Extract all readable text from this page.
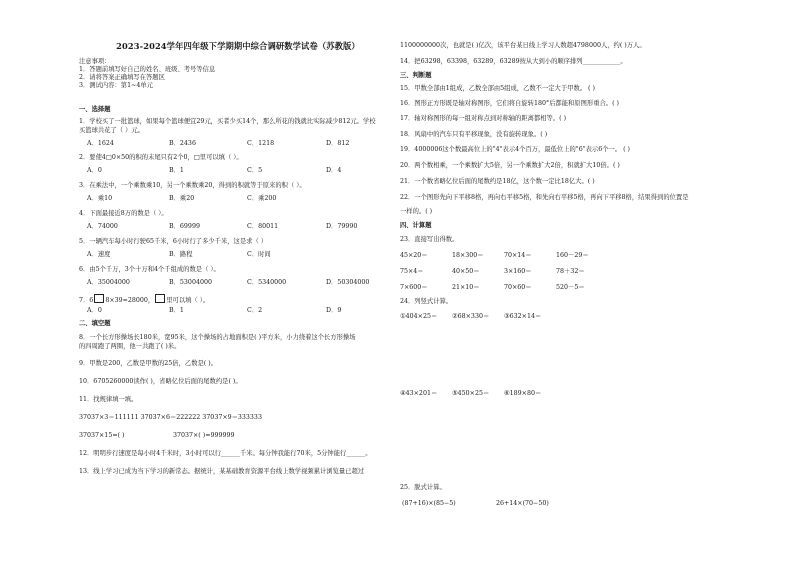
2023-2024学年四年级下学期期中综合调研数学试卷（苏教版）
注意事项：
1．答题前填写好自己的姓名、班级、考号等信息
2．请将答案正确填写在答题区
3．测试内容：第1~4单元
一、选择题
1．学校买了一批篮球，如果每个篮球便宜29元，买者少买14个，那么所花的钱就比实际减少812元。学校
买篮球共花了（ ）元。
A．1624	B．2436	C．1218	D．812
2．要使4□0×50的积的末尾只有2个0，□里可以填（ ）。
A．0	B．1	C．5	D．4
3．在乘法中，一个乘数乘10，另一个乘数乘20，得到的积就等于原来的积（ ）。
A．乘10	B．乘20	C．乘200
4．下面最接近8万的数是（ ）。
A．74000	B．69999	C．80011	D．79990
5．一辆汽车每小时行驶65千米，6小时行了多少千米，这是求（ ）
A．速度	B．路程	C．时间
6．由5个千万，3个十万和4个千组成的数是（ ）。
A．35004000	B．53004000	C．5340000	D．50304000
7．6 8×39≈28000， 里可以填（ ）。
A．0	B．1	C．2	D．9
二、填空题
8．一个长方形操场长180米，宽95米，这个操场的占地面积是( )平方米，小力绕着这个长方形操场
的四周跑了两圈，他一共跑了( )米。
9．甲数是200，乙数是甲数的25倍，乙数是( )。
10．6705260000读作( )，省略亿位后面的尾数约是( )。
11．找规律填一填。
37037×3＝111111 37037×6＝222222 37037×9＝333333
37037×15=( )	37037×( )=999999
12．明明步行速度是每小时4千米时，3小时可以行______千米。每分钟我能行70米，5分钟能行______。
13．线上学习已成为当下学习的新常态。据统计，某基础教育资源平台线上数学视频累计浏览量已超过
1100000000次，也就是( )亿次，该平台某日线上学习人数超4798000人，约( )万人。
14．把63298，63398，63289，63289按从大到小的顺序排列____________。
三、判断题
15．甲数全部由1组成，乙数全部由5组成，乙数不一定大于甲数。 ( )
16．图形正方形既是轴对称图形，它们将自旋转180°后都能和原图形重合。( )
17．轴对称图形的每一组对称点到对称轴的距离都相等。( )
18．风扇中的汽车只有平移现象，没有旋转现象。( )
19．4000006这个数最高位上的"4"表示4个百万，最低位上的"6"表示6个一。 ( )
20．两个数相乘，一个乘数扩大5倍，另一个乘数扩大2倍，积就扩大10倍。( )
21．一个数省略亿位后面的尾数约是18亿，这个数一定比18亿大。( )
22．一个图形先向下平移8格，再向右平移5格，和先向右平移5格，再向下平移8格，结果得到的位置是
一样的。( )
四、计算题
23．直接写出得数。
45×20＝	18×300＝	70×14＝	160－29＝
75×4＝	40×50＝	3×160＝	78＋32＝
7×600＝	21×10＝	70×60＝	520－5＝
24．列竖式计算。
①404×25＝ ②68×330＝ ③632×14＝
④43×201＝ ⑤450×25＝ ⑥189×80＝
25．脱式计算。
(87+16)×(85−5)	26+14×(70−50)
